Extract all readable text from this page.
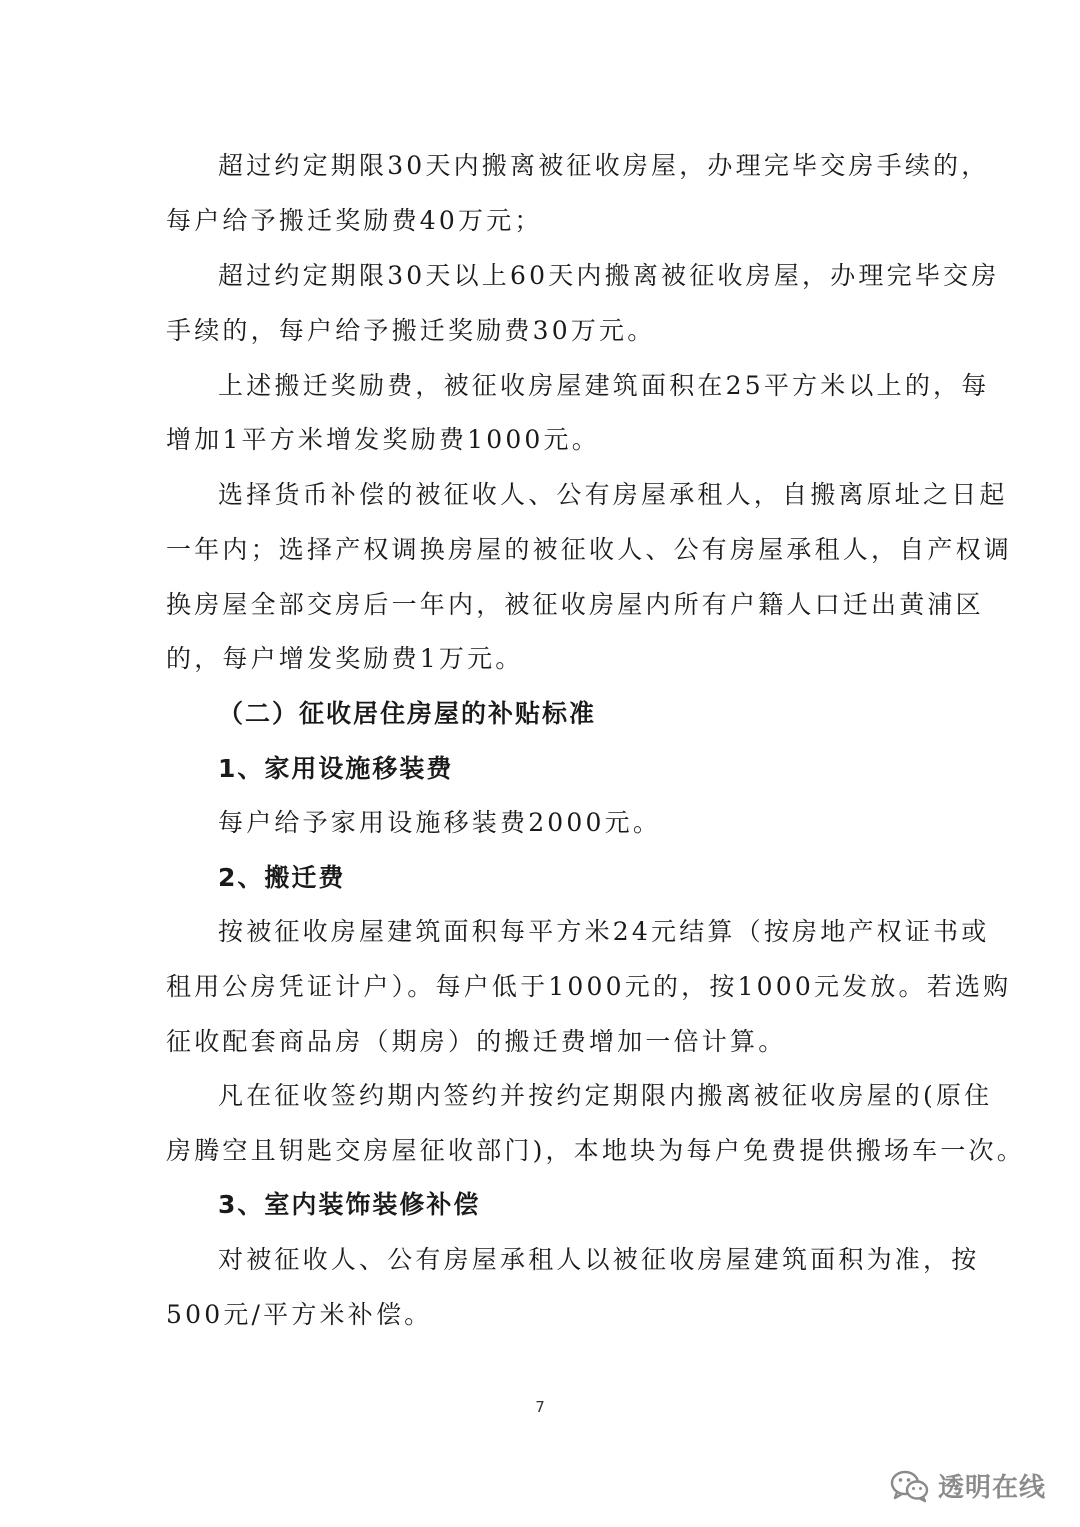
超过约定期限30天内搬离被征收房屋，办理完毕交房手续的，
每户给予搬迁奖励费40万元；
超过约定期限30天以上60天内搬离被征收房屋，办理完毕交房
手续的，每户给予搬迁奖励费30万元。
上述搬迁奖励费，被征收房屋建筑面积在25平方米以上的，每
增加1平方米增发奖励费1000元。
选择货币补偿的被征收人、公有房屋承租人，自搬离原址之日起
一年内；选择产权调换房屋的被征收人、公有房屋承租人，自产权调
换房屋全部交房后一年内，被征收房屋内所有户籍人口迁出黄浦区
的，每户增发奖励费1万元。
（二）征收居住房屋的补贴标准
1、家用设施移装费
每户给予家用设施移装费2000元。
2、搬迁费
按被征收房屋建筑面积每平方米24元结算（按房地产权证书或
租用公房凭证计户）。每户低于1000元的，按1000元发放。若选购
征收配套商品房（期房）的搬迁费增加一倍计算。
凡在征收签约期内签约并按约定期限内搬离被征收房屋的(原住
房腾空且钥匙交房屋征收部门)，本地块为每户免费提供搬场车一次。
3、室内装饰装修补偿
对被征收人、公有房屋承租人以被征收房屋建筑面积为准，按
500元/平方米补偿。
7
透明在线
